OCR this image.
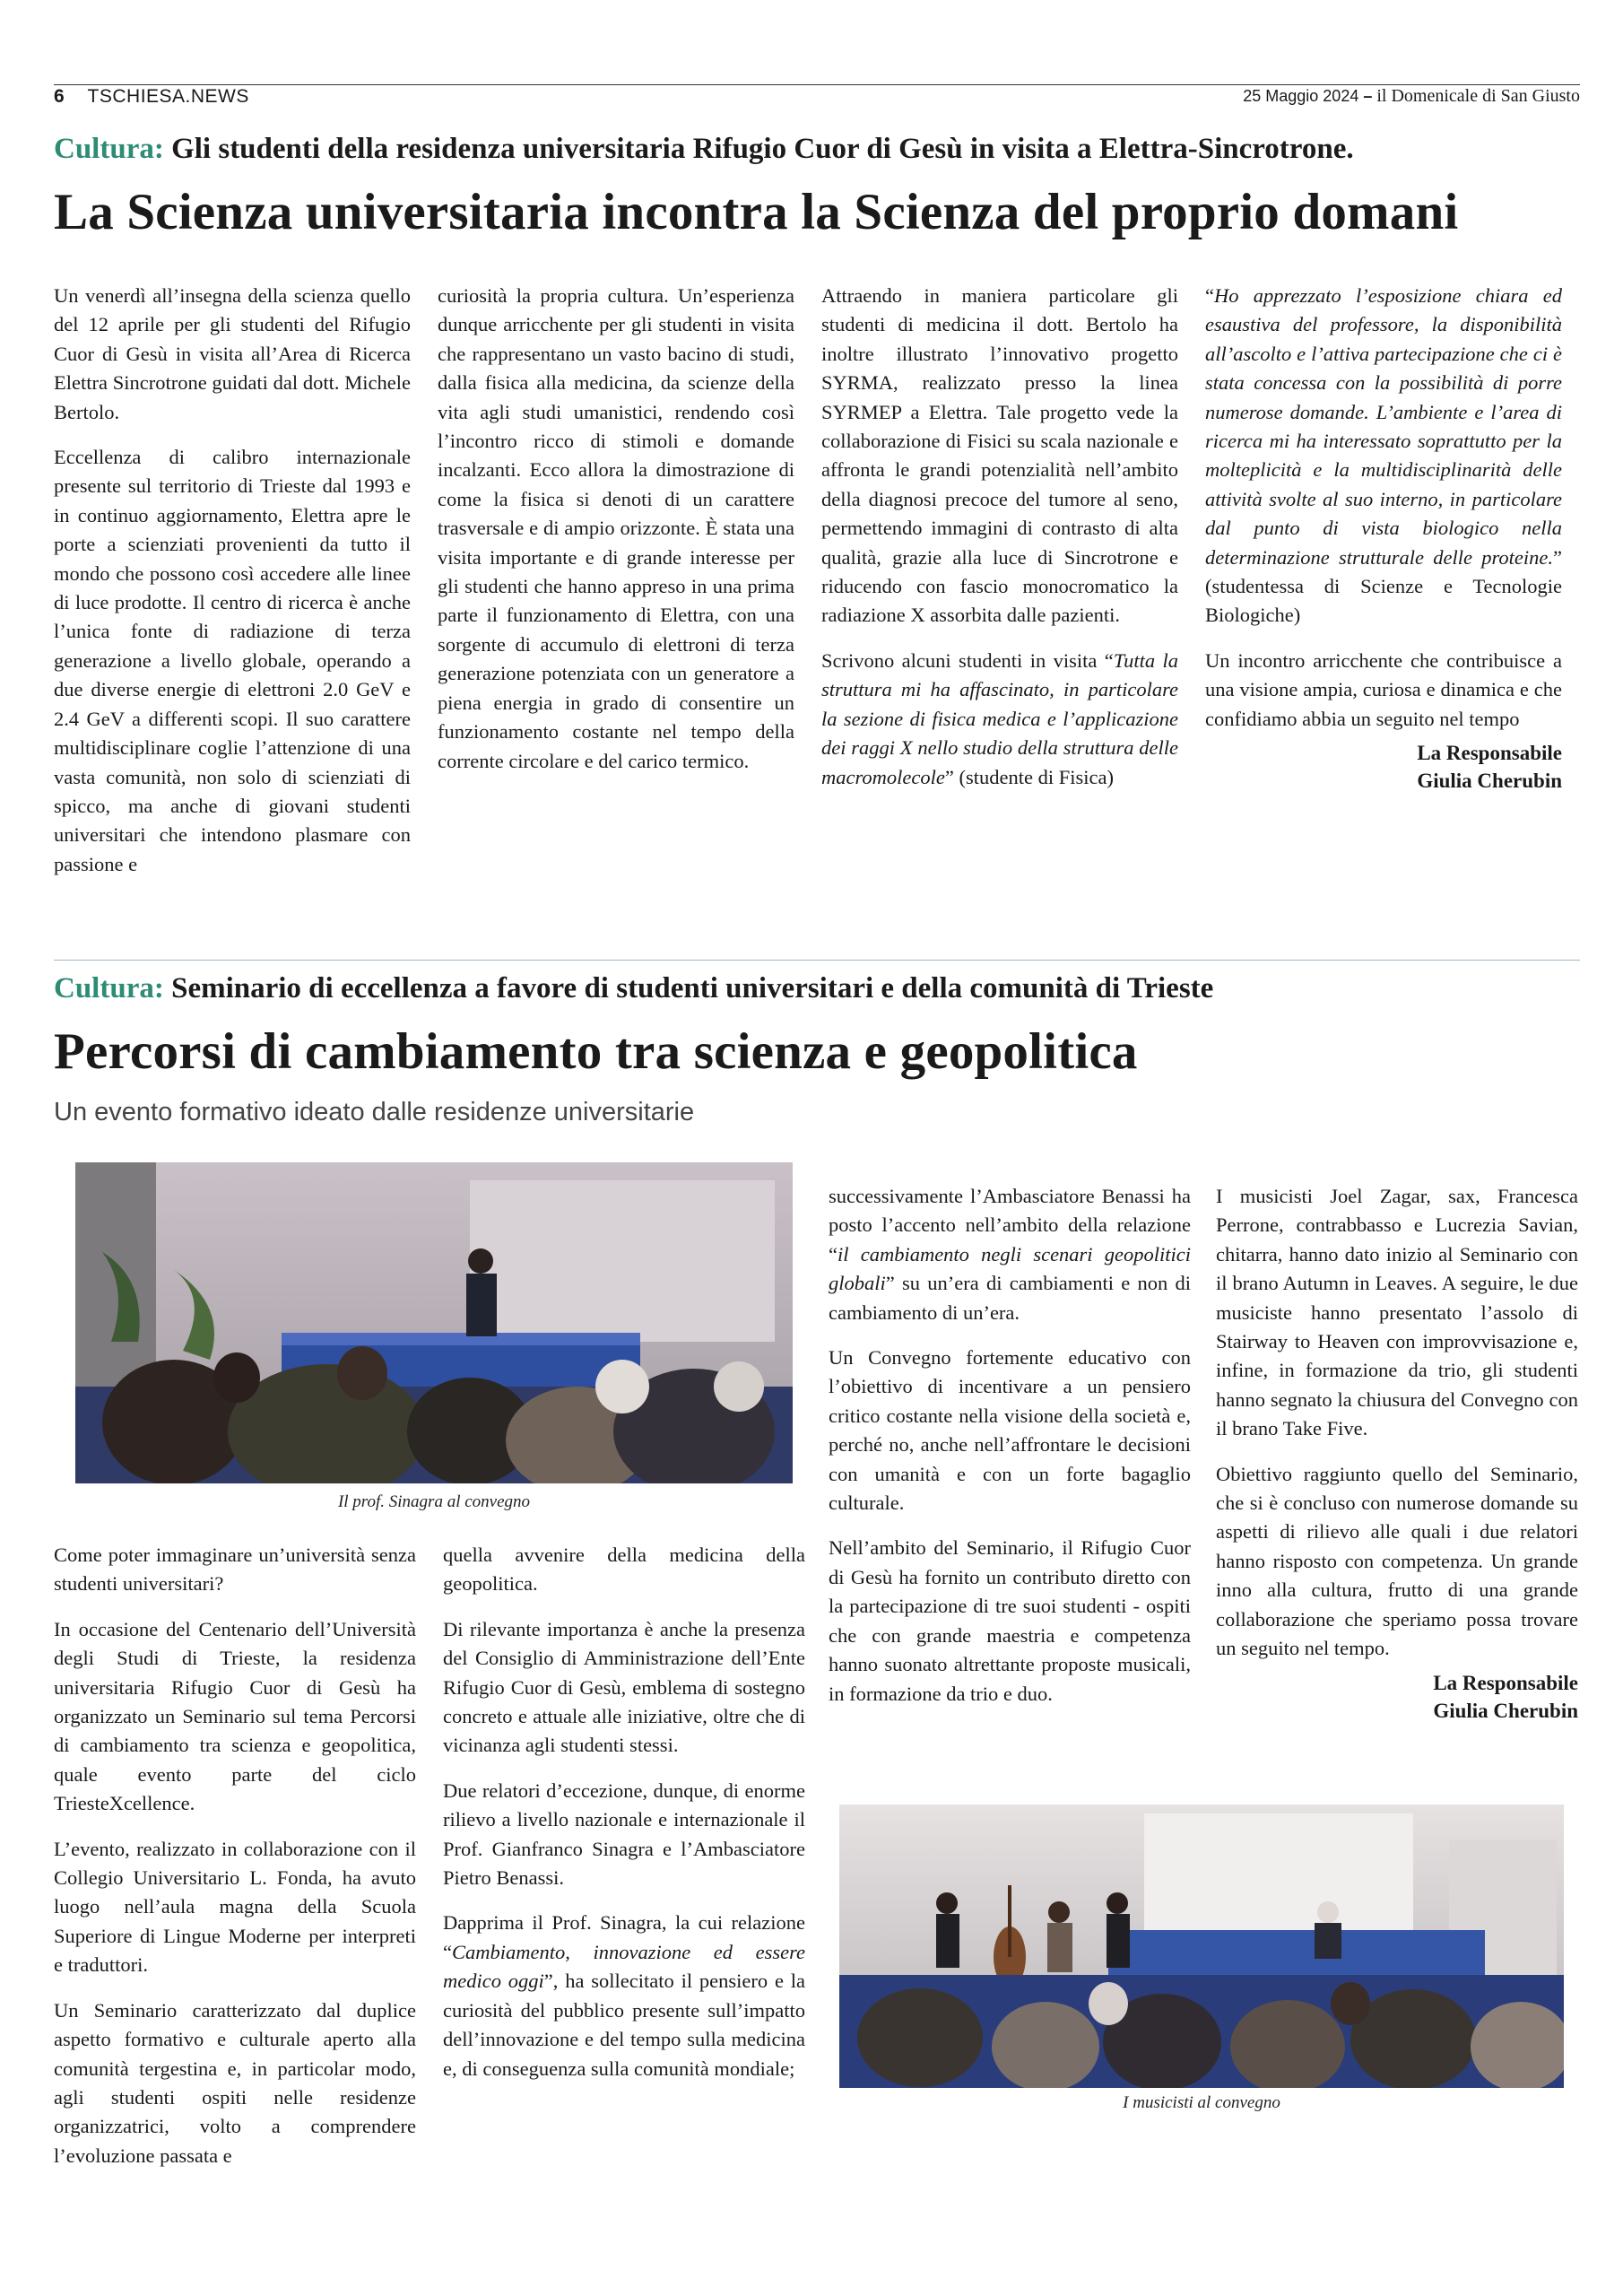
6 TSCHIESA.NEWS	25 Maggio 2024 – il Domenicale di San Giusto
Cultura: Gli studenti della residenza universitaria Rifugio Cuor di Gesù in visita a Elettra-Sincrotrone.
La Scienza universitaria incontra la Scienza del proprio domani

Un venerdì all’insegna della scienza quello del 12 aprile per gli studenti del Rifugio Cuor di Gesù in visita all’Area di Ricerca Elettra Sincrotrone guidati dal dott. Michele Bertolo.

Eccellenza di calibro internazionale presente sul territorio di Trieste dal 1993 e in continuo aggiornamento, Elettra apre le porte a scienziati provenienti da tutto il mondo che possono così accedere alle linee di luce prodotte. Il centro di ricerca è anche l’unica fonte di radiazione di terza generazione a livello globale, operando a due diverse energie di elettroni 2.0 GeV e 2.4 GeV a differenti scopi. Il suo carattere multidisciplinare coglie l’attenzione di una vasta comunità, non solo di scienziati di spicco, ma anche di giovani studenti universitari che intendono plasmare con passione e

curiosità la propria cultura. Un’esperienza dunque arricchente per gli studenti in visita che rappresentano un vasto bacino di studi, dalla fisica alla medicina, da scienze della vita agli studi umanistici, rendendo così l’incontro ricco di stimoli e domande incalzanti. Ecco allora la dimostrazione di come la fisica si denoti di un carattere trasversale e di ampio orizzonte. È stata una visita importante e di grande interesse per gli studenti che hanno appreso in una prima parte il funzionamento di Elettra, con una sorgente di accumulo di elettroni di terza generazione potenziata con un generatore a piena energia in grado di consentire un funzionamento costante nel tempo della corrente circolare e del carico termico.

Attraendo in maniera particolare gli studenti di medicina il dott. Bertolo ha inoltre illustrato l’innovativo progetto SYRMA, realizzato presso la linea SYRMEP a Elettra. Tale progetto vede la collaborazione di Fisici su scala nazionale e affronta le grandi potenzialità nell’ambito della diagnosi precoce del tumore al seno, permettendo immagini di contrasto di alta qualità, grazie alla luce di Sincrotrone e riducendo con fascio monocromatico la radiazione X assorbita dalle pazienti.

Scrivono alcuni studenti in visita “Tutta la struttura mi ha affascinato, in particolare la sezione di fisica medica e l’applicazione dei raggi X nello studio della struttura delle macromolecole” (studente di Fisica)

“Ho apprezzato l’esposizione chiara ed esaustiva del professore, la disponibilità all’ascolto e l’attiva partecipazione che ci è stata concessa con la possibilità di porre numerose domande. L’ambiente e l’area di ricerca mi ha interessato soprattutto per la molteplicità e la multidisciplinarità delle attività svolte al suo interno, in particolare dal punto di vista biologico nella determinazione strutturale delle proteine.” (studentessa di Scienze e Tecnologie Biologiche)

Un incontro arricchente che contribuisce a una visione ampia, curiosa e dinamica e che confidiamo abbia un seguito nel tempo

La Responsabile
Giulia Cherubin
Cultura: Seminario di eccellenza a favore di studenti universitari e della comunità di Trieste
Percorsi di cambiamento tra scienza e geopolitica
Un evento formativo ideato dalle residenze universitarie
Il prof. Sinagra al convegno

Come poter immaginare un’università senza studenti universitari?

In occasione del Centenario dell’Università degli Studi di Trieste, la residenza universitaria Rifugio Cuor di Gesù ha organizzato un Seminario sul tema Percorsi di cambiamento tra scienza e geopolitica, quale evento parte del ciclo TriesteXcellence.

L’evento, realizzato in collaborazione con il Collegio Universitario L. Fonda, ha avuto luogo nell’aula magna della Scuola Superiore di Lingue Moderne per interpreti e traduttori.

Un Seminario caratterizzato dal duplice aspetto formativo e culturale aperto alla comunità tergestina e, in particolar modo, agli studenti ospiti nelle residenze organizzatrici, volto a comprendere l’evoluzione passata e

quella avvenire della medicina della geopolitica.

Di rilevante importanza è anche la presenza del Consiglio di Amministrazione dell’Ente Rifugio Cuor di Gesù, emblema di sostegno concreto e attuale alle iniziative, oltre che di vicinanza agli studenti stessi.

Due relatori d’eccezione, dunque, di enorme rilievo a livello nazionale e internazionale il Prof. Gianfranco Sinagra e l’Ambasciatore Pietro Benassi.

Dapprima il Prof. Sinagra, la cui relazione “Cambiamento, innovazione ed essere medico oggi”, ha sollecitato il pensiero e la curiosità del pubblico presente sull’impatto dell’innovazione e del tempo sulla medicina e, di conseguenza sulla comunità mondiale;

successivamente l’Ambasciatore Benassi ha posto l’accento nell’ambito della relazione “il cambiamento negli scenari geopolitici globali” su un’era di cambiamenti e non di cambiamento di un’era.

Un Convegno fortemente educativo con l’obiettivo di incentivare a un pensiero critico costante nella visione della società e, perché no, anche nell’affrontare le decisioni con umanità e con un forte bagaglio culturale.

Nell’ambito del Seminario, il Rifugio Cuor di Gesù ha fornito un contributo diretto con la partecipazione di tre suoi studenti - ospiti che con grande maestria e competenza hanno suonato altrettante proposte musicali, in formazione da trio e duo.

I musicisti Joel Zagar, sax, Francesca Perrone, contrabbasso e Lucrezia Savian, chitarra, hanno dato inizio al Seminario con il brano Autumn in Leaves. A seguire, le due musiciste hanno presentato l’assolo di Stairway to Heaven con improvvisazione e, infine, in formazione da trio, gli studenti hanno segnato la chiusura del Convegno con il brano Take Five.

Obiettivo raggiunto quello del Seminario, che si è concluso con numerose domande su aspetti di rilievo alle quali i due relatori hanno risposto con competenza. Un grande inno alla cultura, frutto di una grande collaborazione che speriamo possa trovare un seguito nel tempo.

La Responsabile
Giulia Cherubin
I musicisti al convegno
